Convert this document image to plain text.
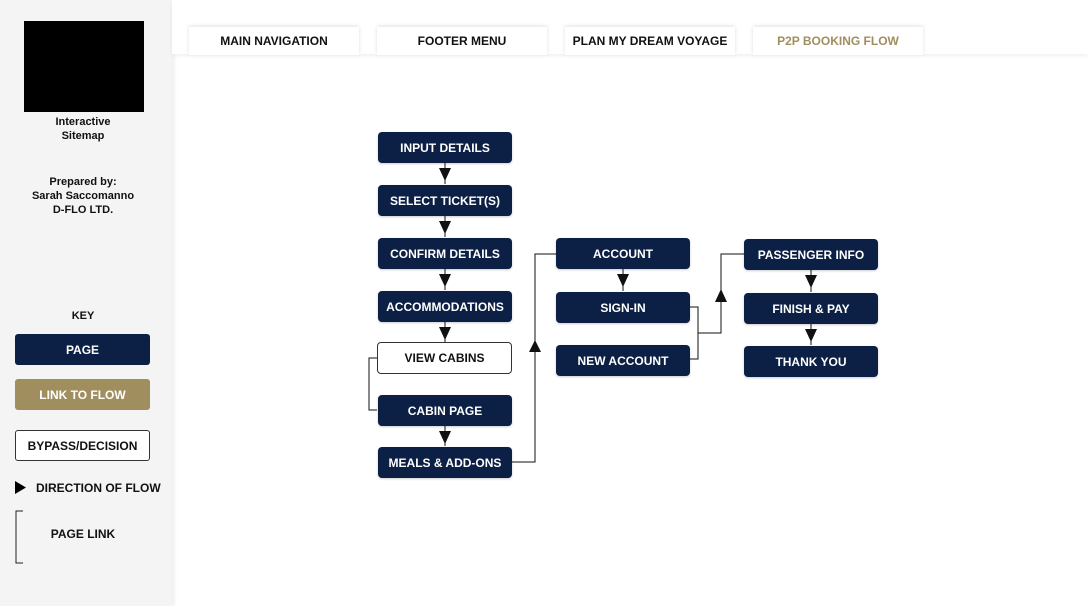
Interactive
Sitemap
Prepared by:
Sarah Saccomanno
D-FLO LTD.
KEY
PAGE
LINK TO FLOW
BYPASS/DECISION
DIRECTION OF FLOW
PAGE LINK
MAIN NAVIGATION	FOOTER MENU	PLAN MY DREAM VOYAGE	P2P BOOKING FLOW
INPUT DETAILS
SELECT TICKET(S)
CONFIRM DETAILS
ACCOMMODATIONS
VIEW CABINS
CABIN PAGE
MEALS & ADD-ONS
ACCOUNT
SIGN-IN
NEW ACCOUNT
PASSENGER INFO
FINISH & PAY
THANK YOU
